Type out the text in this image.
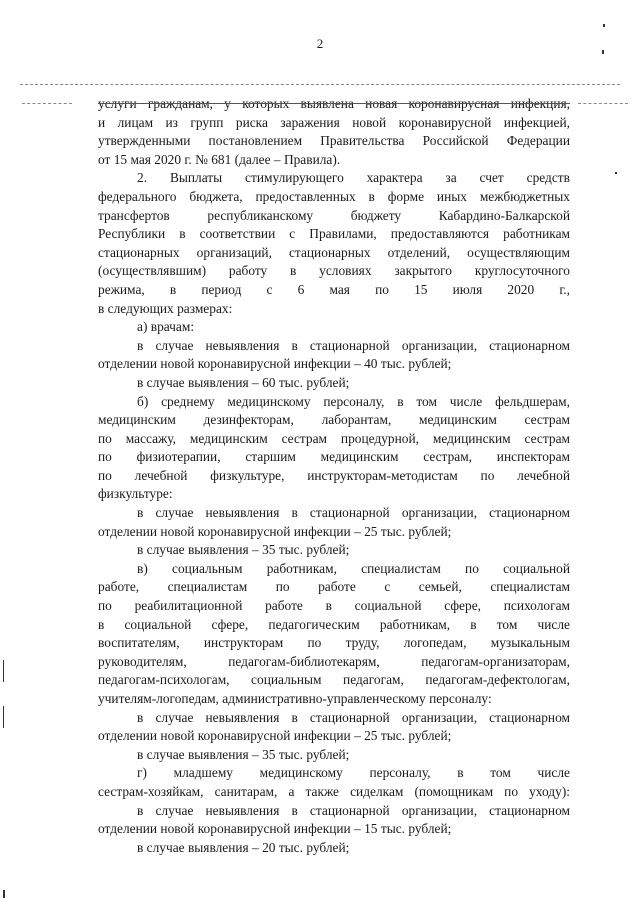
2
услуги гражданам, у которых выявлена новая коронавирусная инфекция,
и лицам из групп риска заражения новой коронавирусной инфекцией,
утвержденными постановлением Правительства Российской Федерации
от 15 мая 2020 г. № 681 (далее – Правила).
2. Выплаты стимулирующего характера за счет средств
федерального бюджета, предоставленных в форме иных межбюджетных
трансфертов республиканскому бюджету Кабардино-Балкарской
Республики в соответствии с Правилами, предоставляются работникам
стационарных организаций, стационарных отделений, осуществляющим
(осуществлявшим) работу в условиях закрытого круглосуточного
режима, в период с 6 мая по 15 июля 2020 г.,
в следующих размерах:
а) врачам:
в случае невыявления в стационарной организации, стационарном
отделении новой коронавирусной инфекции – 40 тыс. рублей;
в случае выявления – 60 тыс. рублей;
б) среднему медицинскому персоналу, в том числе фельдшерам,
медицинским дезинфекторам, лаборантам, медицинским сестрам
по массажу, медицинским сестрам процедурной, медицинским сестрам
по физиотерапии, старшим медицинским сестрам, инспекторам
по лечебной физкультуре, инструкторам-методистам по лечебной
физкультуре:
в случае невыявления в стационарной организации, стационарном
отделении новой коронавирусной инфекции – 25 тыс. рублей;
в случае выявления – 35 тыс. рублей;
в) социальным работникам, специалистам по социальной
работе, специалистам по работе с семьей, специалистам
по реабилитационной работе в социальной сфере, психологам
в социальной сфере, педагогическим работникам, в том числе
воспитателям, инструкторам по труду, логопедам, музыкальным
руководителям, педагогам-библиотекарям, педагогам-организаторам,
педагогам-психологам, социальным педагогам, педагогам-дефектологам,
учителям-логопедам, административно-управленческому персоналу:
в случае невыявления в стационарной организации, стационарном
отделении новой коронавирусной инфекции – 25 тыс. рублей;
в случае выявления – 35 тыс. рублей;
г) младшему медицинскому персоналу, в том числе
сестрам-хозяйкам, санитарам, а также сиделкам (помощникам по уходу):
в случае невыявления в стационарной организации, стационарном
отделении новой коронавирусной инфекции – 15 тыс. рублей;
в случае выявления – 20 тыс. рублей;
